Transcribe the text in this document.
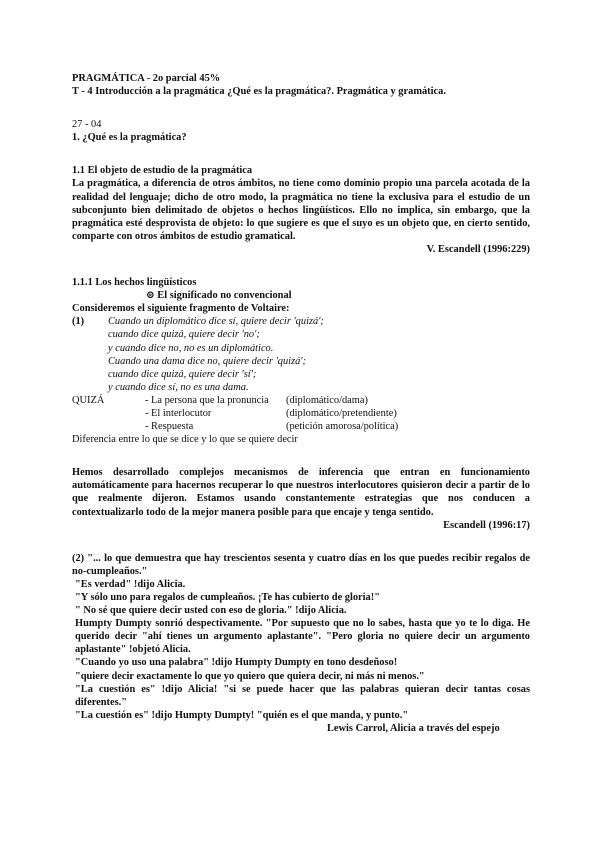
PRAGMÁTICA - 2o parcial 45%

T - 4 Introducción a la pragmática ¿Qué es la pragmática?. Pragmática y gramática.

27 - 04

1. ¿Qué es la pragmática?

1.1 El objeto de estudio de la pragmática

La pragmática, a diferencia de otros ámbitos, no tiene como dominio propio una parcela acotada de la realidad del lenguaje; dicho de otro modo, la pragmática no tiene la exclusiva para el estudio de un subconjunto bien delimitado de objetos o hechos lingüísticos. Ello no implica, sin embargo, que la pragmática esté desprovista de objeto: lo que sugiere es que el suyo es un objeto que, en cierto sentido, comparte con otros ámbitos de estudio gramatical.

V. Escandell (1996:229)

1.1.1 Los hechos lingüísticos

⊚ El significado no convencional

Consideremos el siguiente fragmento de Voltaire:

(1)	Cuando un diplomático dice sí, quiere decir 'quizá';

cuando dice quizá, quiere decir 'no';

y cuando dice no, no es un diplomático.

Cuando una dama dice no, quiere decir 'quizá';

cuando dice quizá, quiere decir 'sí';

y cuando dice sí, no es una dama.

QUIZÁ	- La persona que la pronuncia	(diplomático/dama)
- El interlocutor	(diplomático/pretendiente)
- Respuesta	(petición amorosa/política)

Diferencia entre lo que se dice y lo que se quiere decir

Hemos desarrollado complejos mecanismos de inferencia que entran en funcionamiento automáticamente para hacernos recuperar lo que nuestros interlocutores quisieron decir a partir de lo que realmente dijeron. Estamos usando constantemente estrategias que nos conducen a contextualizarlo todo de la mejor manera posible para que encaje y tenga sentido.

Escandell (1996:17)

(2) "... lo que demuestra que hay trescientos sesenta y cuatro días en los que puedes recibir regalos de no-cumpleaños."

"Es verdad" !dijo Alicia.

"Y sólo uno para regalos de cumpleaños. ¡Te has cubierto de gloria!"

" No sé que quiere decir usted con eso de gloria." !dijo Alicia.

Humpty Dumpty sonrió despectivamente. "Por supuesto que no lo sabes, hasta que yo te lo diga. He querido decir "ahí tienes un argumento aplastante". "Pero gloria no quiere decir un argumento aplastante" !objetó Alicia.

"Cuando yo uso una palabra" !dijo Humpty Dumpty en tono desdeñoso!

"quiere decir exactamente lo que yo quiero que quiera decir, ni más ni menos."

"La cuestión es" !dijo Alicia! "si se puede hacer que las palabras quieran decir tantas cosas diferentes."

"La cuestión es" !dijo Humpty Dumpty! "quién es el que manda, y punto."

Lewis Carrol, Alicia a través del espejo
